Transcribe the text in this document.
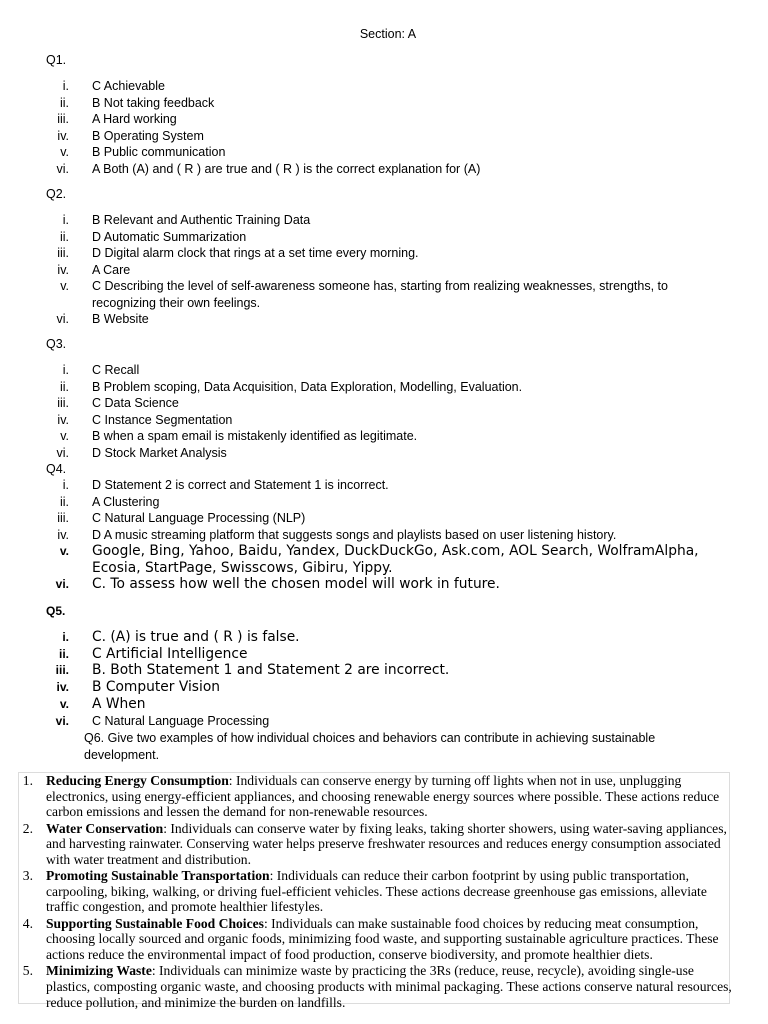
Section: A
Q1.
i. C Achievable
ii. B Not taking feedback
iii. A Hard working
iv. B Operating System
v. B Public communication
vi. A Both (A) and ( R ) are true and ( R ) is the correct explanation for (A)
Q2.
i. B Relevant and Authentic Training Data
ii. D Automatic Summarization
iii. D Digital alarm clock that rings at a set time every morning.
iv. A Care
v. C Describing the level of self-awareness someone has, starting from realizing weaknesses, strengths, to recognizing their own feelings.
vi. B Website
Q3.
i. C Recall
ii. B Problem scoping, Data Acquisition, Data Exploration, Modelling, Evaluation.
iii. C Data Science
iv. C Instance Segmentation
v. B when a spam email is mistakenly identified as legitimate.
vi. D Stock Market Analysis
Q4.
i. D Statement 2 is correct and Statement 1 is incorrect.
ii. A Clustering
iii. C Natural Language Processing (NLP)
iv. D A music streaming platform that suggests songs and playlists based on user listening history.
v. Google, Bing, Yahoo, Baidu, Yandex, DuckDuckGo, Ask.com, AOL Search, WolframAlpha, Ecosia, StartPage, Swisscows, Gibiru, Yippy.
vi. C. To assess how well the chosen model will work in future.
Q5.
i. C. (A) is true and ( R ) is false.
ii. C Artificial Intelligence
iii. B. Both Statement 1 and Statement 2 are incorrect.
iv. B Computer Vision
v. A When
vi. C Natural Language Processing
Q6. Give two examples of how individual choices and behaviors can contribute in achieving sustainable development.
1. Reducing Energy Consumption: Individuals can conserve energy by turning off lights when not in use, unplugging electronics, using energy-efficient appliances, and choosing renewable energy sources where possible. These actions reduce carbon emissions and lessen the demand for non-renewable resources.
2. Water Conservation: Individuals can conserve water by fixing leaks, taking shorter showers, using water-saving appliances, and harvesting rainwater. Conserving water helps preserve freshwater resources and reduces energy consumption associated with water treatment and distribution.
3. Promoting Sustainable Transportation: Individuals can reduce their carbon footprint by using public transportation, carpooling, biking, walking, or driving fuel-efficient vehicles. These actions decrease greenhouse gas emissions, alleviate traffic congestion, and promote healthier lifestyles.
4. Supporting Sustainable Food Choices: Individuals can make sustainable food choices by reducing meat consumption, choosing locally sourced and organic foods, minimizing food waste, and supporting sustainable agriculture practices. These actions reduce the environmental impact of food production, conserve biodiversity, and promote healthier diets.
5. Minimizing Waste: Individuals can minimize waste by practicing the 3Rs (reduce, reuse, recycle), avoiding single-use plastics, composting organic waste, and choosing products with minimal packaging. These actions conserve natural resources, reduce pollution, and minimize the burden on landfills.
